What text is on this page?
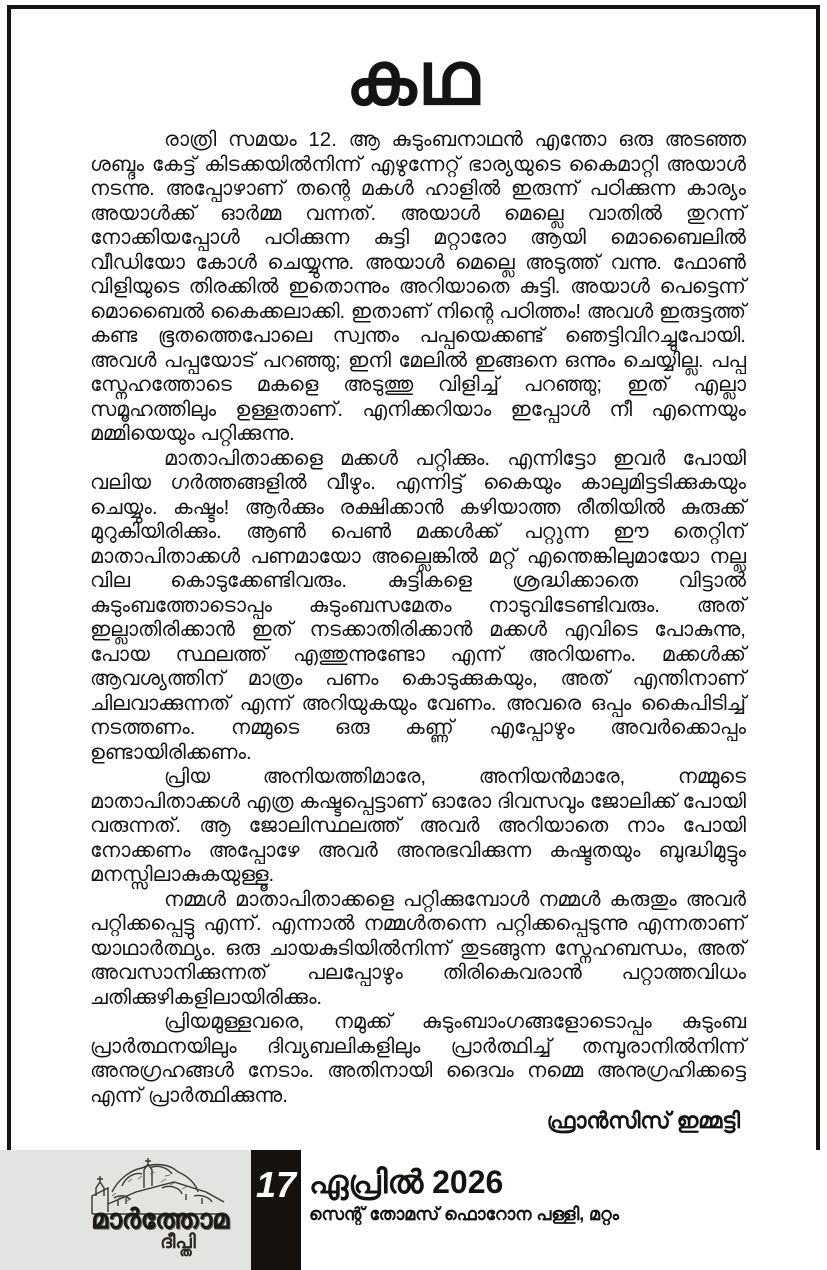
കഥ

രാത്രി സമയം 12. ആ കുടുംബനാഥൻ എന്തോ ഒരു അടഞ്ഞ ശബ്ദം കേട്ട് കിടക്കയിൽനിന്ന് എഴുന്നേറ്റ് ഭാര്യയുടെ കൈമാറ്റി അയാൾ നടന്നു. അപ്പോഴാണ് തന്റെ മകൾ ഹാളിൽ ഇരുന്ന് പഠിക്കുന്ന കാര്യം അയാൾക്ക് ഓർമ്മ വന്നത്. അയാൾ മെല്ലെ വാതിൽ തുറന്ന് നോക്കിയപ്പോൾ പഠിക്കുന്ന കുട്ടി മറ്റാരോ ആയി മൊബൈലിൽ വീഡിയോ കോൾ ചെയ്യുന്നു. അയാൾ മെല്ലെ അടുത്ത് വന്നു. ഫോൺ വിളിയുടെ തിരക്കിൽ ഇതൊന്നും അറിയാതെ കുട്ടി. അയാൾ പെട്ടെന്ന് മൊബൈൽ കൈക്കലാക്കി. ഇതാണ് നിന്റെ പഠിത്തം! അവൾ ഇരുട്ടത്ത് കണ്ട ഭൂതത്തെപോലെ സ്വന്തം പപ്പയെക്കണ്ട് ഞെട്ടിവിറച്ചുപോയി. അവൾ പപ്പയോട് പറഞ്ഞു; ഇനി മേലിൽ ഇങ്ങനെ ഒന്നും ചെയ്യില്ല. പപ്പ സ്നേഹത്തോടെ മകളെ അടുത്തു വിളിച്ച് പറഞ്ഞു; ഇത് എല്ലാ സമൂഹത്തിലും ഉള്ളതാണ്. എനിക്കറിയാം ഇപ്പോൾ നീ എന്നെയും മമ്മിയെയും പറ്റിക്കുന്നു.

മാതാപിതാക്കളെ മക്കൾ പറ്റിക്കും. എന്നിട്ടോ ഇവർ പോയി വലിയ ഗർത്തങ്ങളിൽ വീഴും. എന്നിട്ട് കൈയും കാലുമിട്ടടിക്കുകയും ചെയ്യും. കഷ്ടം! ആർക്കും രക്ഷിക്കാൻ കഴിയാത്ത രീതിയിൽ കുരുക്ക് മുറുകിയിരിക്കും. ആൺ പെൺ മക്കൾക്ക് പറ്റുന്ന ഈ തെറ്റിന് മാതാപിതാക്കൾ പണമായോ അല്ലെങ്കിൽ മറ്റ് എന്തെങ്കിലുമായോ നല്ല വില കൊടുക്കേണ്ടിവരും. കുട്ടികളെ ശ്രദ്ധിക്കാതെ വിട്ടാൽ കുടുംബത്തോടൊപ്പം കുടുംബസമേതം നാടുവിടേണ്ടിവരും. അത് ഇല്ലാതിരിക്കാൻ ഇത് നടക്കാതിരിക്കാൻ മക്കൾ എവിടെ പോകുന്നു, പോയ സ്ഥലത്ത് എത്തുന്നുണ്ടോ എന്ന് അറിയണം. മക്കൾക്ക് ആവശ്യത്തിന് മാത്രം പണം കൊടുക്കുകയും, അത് എന്തിനാണ് ചിലവാക്കുന്നത് എന്ന് അറിയുകയും വേണം. അവരെ ഒപ്പം കൈപിടിച്ച് നടത്തണം. നമ്മുടെ ഒരു കണ്ണ് എപ്പോഴും അവർക്കൊപ്പം ഉണ്ടായിരിക്കണം.

പ്രിയ അനിയത്തിമാരേ, അനിയൻമാരേ, നമ്മുടെ മാതാപിതാക്കൾ എത്ര കഷ്ടപ്പെട്ടാണ് ഓരോ ദിവസവും ജോലിക്ക് പോയി വരുന്നത്. ആ ജോലിസ്ഥലത്ത് അവർ അറിയാതെ നാം പോയി നോക്കണം അപ്പോഴേ അവർ അനുഭവിക്കുന്ന കഷ്ടതയും ബുദ്ധിമുട്ടും മനസ്സിലാകുകയുള്ളൂ.

നമ്മൾ മാതാപിതാക്കളെ പറ്റിക്കുമ്പോൾ നമ്മൾ കരുതും അവർ പറ്റിക്കപ്പെട്ടു എന്ന്. എന്നാൽ നമ്മൾതന്നെ പറ്റിക്കപ്പെടുന്നു എന്നതാണ് യാഥാർത്ഥ്യം. ഒരു ചായകുടിയിൽനിന്ന് തുടങ്ങുന്ന സ്നേഹബന്ധം, അത് അവസാനിക്കുന്നത് പലപ്പോഴും തിരികെവരാൻ പറ്റാത്തവിധം ചതിക്കുഴികളിലായിരിക്കും.

പ്രിയമുള്ളവരെ, നമുക്ക് കുടുംബാംഗങ്ങളോടൊപ്പം കുടുംബ പ്രാർത്ഥനയിലും ദിവ്യബലികളിലും പ്രാർത്ഥിച്ച് തമ്പുരാനിൽനിന്ന് അനുഗ്രഹങ്ങൾ നേടാം. അതിനായി ദൈവം നമ്മെ അനുഗ്രഹിക്കട്ടെ എന്ന് പ്രാർത്ഥിക്കുന്നു.

ഫ്രാൻസിസ് ഇമ്മട്ടി
മാർത്തോമ
ദീപ്തി
17 ഏപ്രിൽ 2026
സെന്റ് തോമസ് ഫൊറോന പള്ളി, മറ്റം
